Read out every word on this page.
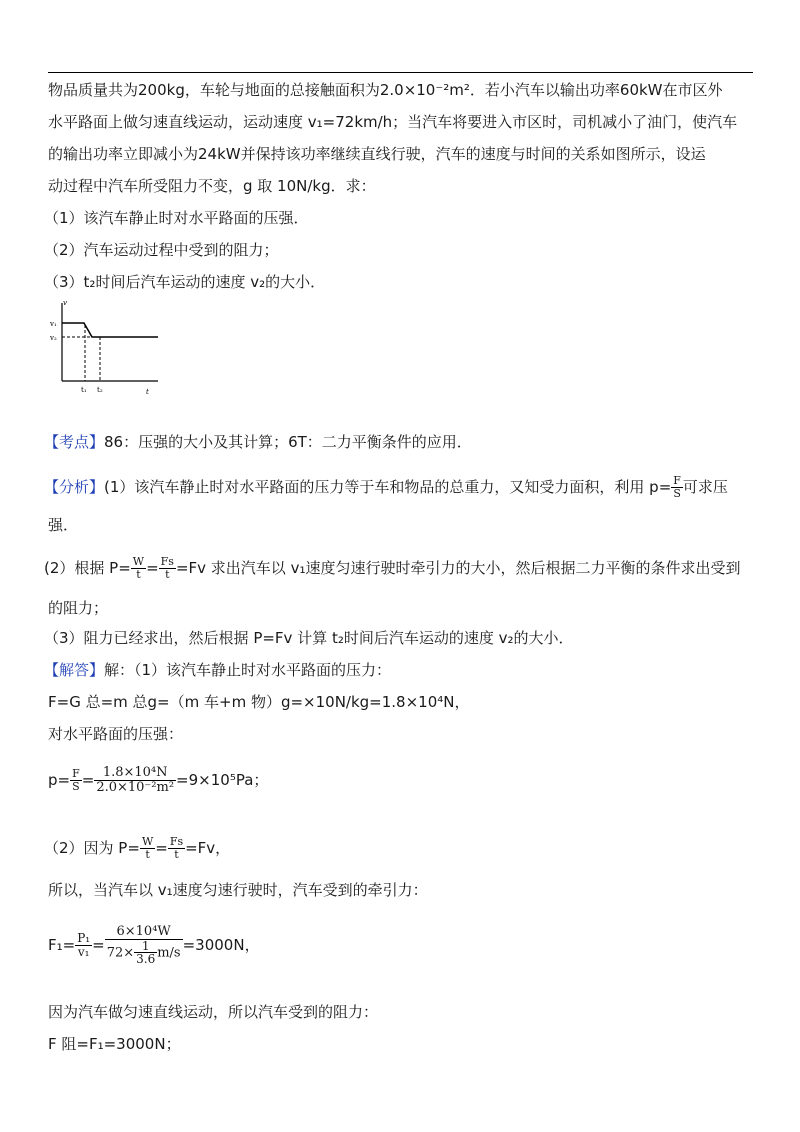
物品质量共为200kg，车轮与地面的总接触面积为2.0×10⁻²m²．若小汽车以输出功率60kW在市区外
水平路面上做匀速直线运动，运动速度 v₁=72km/h；当汽车将要进入市区时，司机减小了油门，使汽车
的输出功率立即减小为24kW并保持该功率继续直线行驶，汽车的速度与时间的关系如图所示，设运
动过程中汽车所受阻力不变，g 取 10N/kg．求：
（1）该汽车静止时对水平路面的压强．
（2）汽车运动过程中受到的阻力；
（3）t₂时间后汽车运动的速度 v₂的大小．
v
v₁
v₂
t₁ t₂	t
【考点】86：压强的大小及其计算；6T：二力平衡条件的应用．
【分析】(1）该汽车静止时对水平路面的压力等于车和物品的总重力，又知受力面积，利用 $p= \frac{F}{S}$ 可求压
强．
(2）根据 $P= \frac{W}{t} = \frac{Fs}{t} =Fv$ 求出汽车以 v₁速度匀速行驶时牵引力的大小，然后根据二力平衡的条件求出受到
的阻力；
（3）阻力已经求出，然后根据 P=Fv 计算 t₂时间后汽车运动的速度 v₂的大小．
【解答】解：（1）该汽车静止时对水平路面的压力：
F=G 总=m 总g=（m 车+m 物）g=×10N/kg=1.8×10⁴N，
对水平路面的压强：
$p= \frac{F}{S} = \frac{\text{1.8×10⁴N}}{\text{2.0×10⁻²m²}} =9\times 10^5Pa$；
（2）因为 $P= \frac{W}{t} = \frac{Fs}{t} =Fv$，
所以，当汽车以 v₁速度匀速行驶时，汽车受到的牵引力：
$F_1= \frac{\text{P₁}}{\text{v₁}} = \frac{\text{6×10⁴W}}{72\times \frac{1}{3.6} m/s} =3000N$，
因为汽车做匀速直线运动，所以汽车受到的阻力：
F 阻=F₁=3000N；
